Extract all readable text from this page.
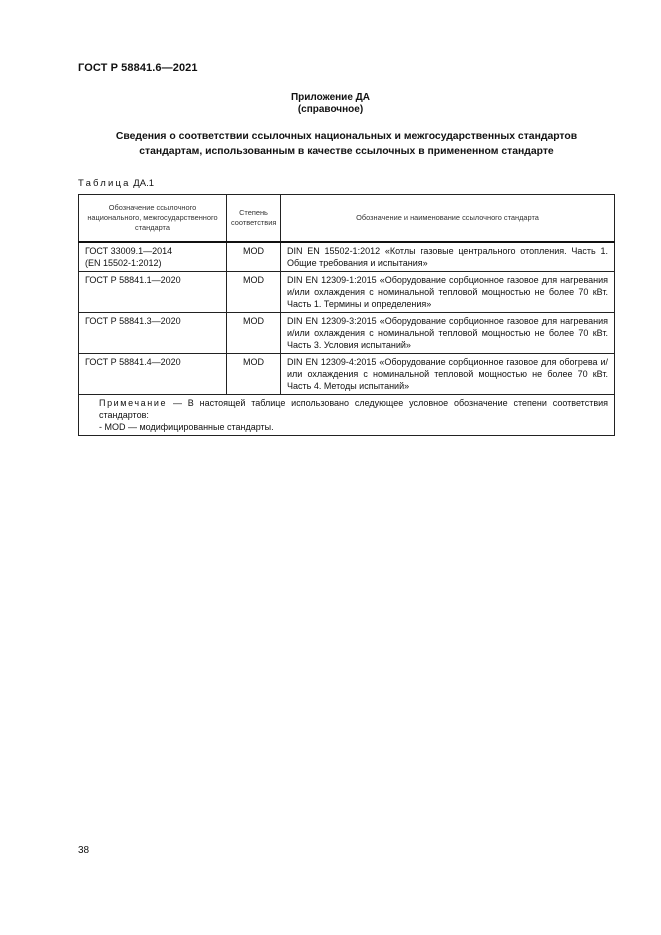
ГОСТ Р 58841.6—2021
Приложение ДА
(справочное)
Сведения о соответствии ссылочных национальных и межгосударственных стандартов
стандартам, использованным в качестве ссылочных в примененном стандарте
Таблица ДА.1
Обозначение ссылочного национального, межгосударственного стандарта	Степень соответствия	Обозначение и наименование ссылочного стандарта

ГОСТ 33009.1—2014
(EN 15502-1:2012)	MOD	DIN EN 15502-1:2012 «Котлы газовые центрального отопления. Часть 1. Общие требования и испытания»

ГОСТ Р 58841.1—2020	MOD	DIN EN 12309-1:2015 «Оборудование сорбционное газовое для нагревания и/или охлаждения с номинальной тепловой мощностью не более 70 кВт. Часть 1. Термины и определения»

ГОСТ Р 58841.3—2020	MOD	DIN EN 12309-3:2015 «Оборудование сорбционное газовое для нагревания и/или охлаждения с номинальной тепловой мощностью не более 70 кВт. Часть 3. Условия испытаний»

ГОСТ Р 58841.4—2020	MOD	DIN EN 12309-4:2015 «Оборудование сорбционное газовое для обогрева и/или охлаждения с номинальной тепловой мощностью не более 70 кВт. Часть 4. Методы испытаний»

Примечание — В настоящей таблице использовано следующее условное обозначение степени соответствия стандартов:
- MOD — модифицированные стандарты.		
38
